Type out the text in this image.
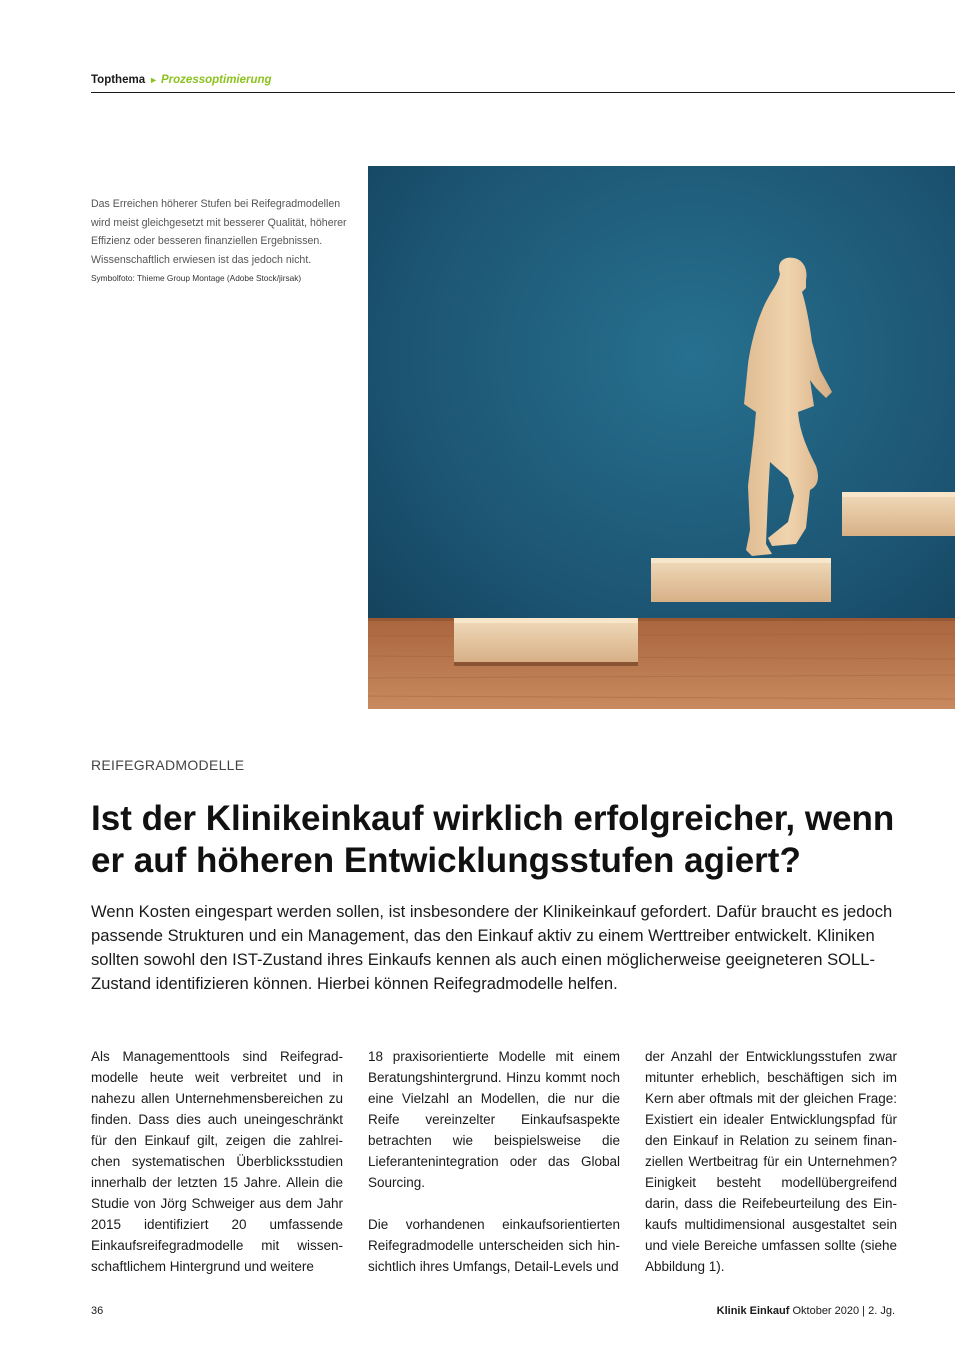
Topthema ► Prozessoptimierung
Das Erreichen höherer Stufen bei Reifegradmodellen wird meist gleichgesetzt mit besserer Qualität, höherer Effizienz oder besseren finanziellen Ergebnissen. Wissenschaftlich erwiesen ist das jedoch nicht. Symbolfoto: Thieme Group Montage (Adobe Stock/jirsak)
REIFEGRADMODELLE
Ist der Klinikeinkauf wirklich erfolgreicher, wenn er auf höheren Entwicklungsstufen agiert?

Wenn Kosten eingespart werden sollen, ist insbesondere der Klinikeinkauf gefordert. Dafür braucht es jedoch passende Strukturen und ein Management, das den Einkauf aktiv zu einem Werttreiber entwickelt. Kliniken sollten sowohl den IST-Zustand ihres Einkaufs kennen als auch einen möglicherweise geeigneteren SOLL-Zustand identifizieren können. Hierbei können Reifegradmodelle helfen.

Als Managementtools sind Reifegradmodelle heute weit verbreitet und in nahezu allen Unternehmensbereichen zu finden. Dass dies auch uneingeschränkt für den Einkauf gilt, zeigen die zahlreichen systematischen Überblicksstudien innerhalb der letzten 15 Jahre. Allein die Studie von Jörg Schweiger aus dem Jahr 2015 identifiziert 20 umfassende Einkaufsreifegradmodelle mit wissenschaftlichem Hintergrund und weitere

18 praxisorientierte Modelle mit einem Beratungshintergrund. Hinzu kommt noch eine Vielzahl an Modellen, die nur die Reife vereinzelter Einkaufsaspekte betrachten wie beispielsweise die Lieferantenintegration oder das Global Sourcing.

Die vorhandenen einkaufsorientierten Reifegradmodelle unterscheiden sich hinsichtlich ihres Umfangs, Detail-Levels und

der Anzahl der Entwicklungsstufen zwar mitunter erheblich, beschäftigen sich im Kern aber oftmals mit der gleichen Frage: Existiert ein idealer Entwicklungspfad für den Einkauf in Relation zu seinem finanziellen Wertbeitrag für ein Unternehmen? Einigkeit besteht modellübergreifend darin, dass die Reifebeurteilung des Einkaufs multidimensional ausgestaltet sein und viele Bereiche umfassen sollte (siehe Abbildung 1).

36	Klinik Einkauf Oktober 2020 | 2. Jg.
